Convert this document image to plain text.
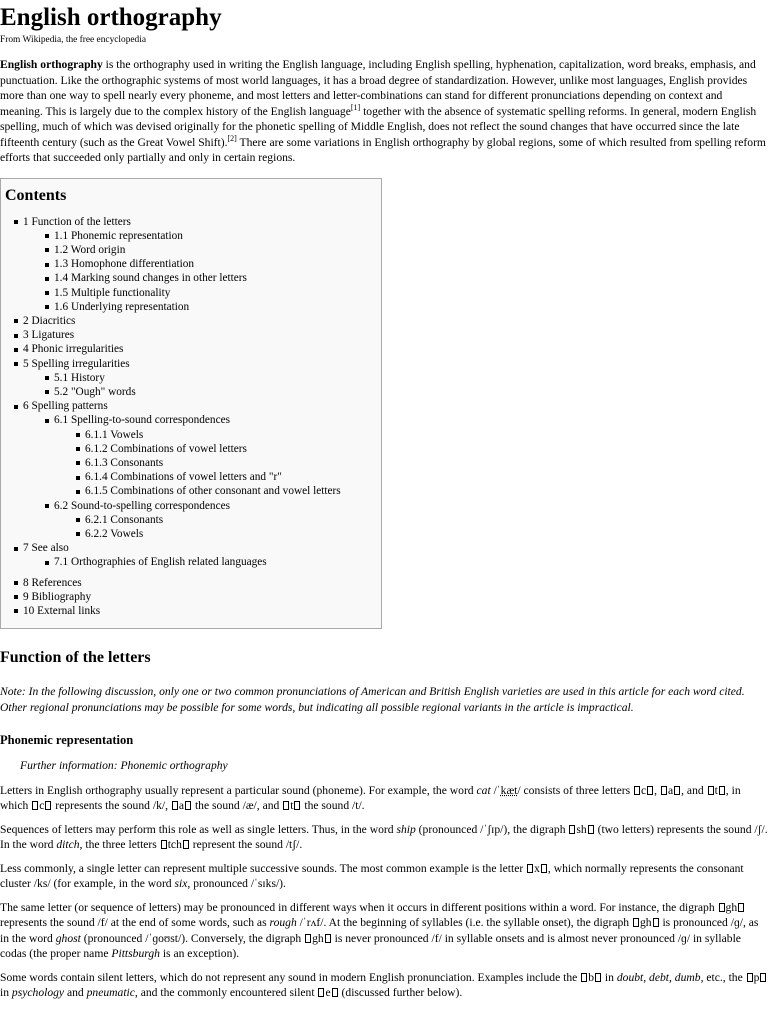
English orthography
From Wikipedia, the free encyclopedia

English orthography is the orthography used in writing the English language, including English spelling, hyphenation, capitalization, word breaks, emphasis, and punctuation. Like the orthographic systems of most world languages, it has a broad degree of standardization. However, unlike most languages, English provides more than one way to spell nearly every phoneme, and most letters and letter-combinations can stand for different pronunciations depending on context and meaning. This is largely due to the complex history of the English language[1] together with the absence of systematic spelling reforms. In general, modern English spelling, much of which was devised originally for the phonetic spelling of Middle English, does not reflect the sound changes that have occurred since the late fifteenth century (such as the Great Vowel Shift).[2] There are some variations in English orthography by global regions, some of which resulted from spelling reform efforts that succeeded only partially and only in certain regions.

Contents
1 Function of the letters
1.1 Phonemic representation
1.2 Word origin
1.3 Homophone differentiation
1.4 Marking sound changes in other letters
1.5 Multiple functionality
1.6 Underlying representation
2 Diacritics
3 Ligatures
4 Phonic irregularities
5 Spelling irregularities
5.1 History
5.2 "Ough" words
6 Spelling patterns
6.1 Spelling-to-sound correspondences
6.1.1 Vowels
6.1.2 Combinations of vowel letters
6.1.3 Consonants
6.1.4 Combinations of vowel letters and "r"
6.1.5 Combinations of other consonant and vowel letters
6.2 Sound-to-spelling correspondences
6.2.1 Consonants
6.2.2 Vowels
7 See also
7.1 Orthographies of English related languages
8 References
9 Bibliography
10 External links
Function of the letters

Note: In the following discussion, only one or two common pronunciations of American and British English varieties are used in this article for each word cited. Other regional pronunciations may be possible for some words, but indicating all possible regional variants in the article is impractical.

Phonemic representation

Further information: Phonemic orthography

Letters in English orthography usually represent a particular sound (phoneme). For example, the word cat /ˈkæt/ consists of three letters c , a , and t , in which c represents the sound /k/, a the sound /æ/, and t the sound /t/.

Sequences of letters may perform this role as well as single letters. Thus, in the word ship (pronounced /ˈʃɪp/), the digraph sh (two letters) represents the sound /ʃ/. In the word ditch, the three letters tch represent the sound /tʃ/.

Less commonly, a single letter can represent multiple successive sounds. The most common example is the letter x , which normally represents the consonant cluster /ks/ (for example, in the word six, pronounced /ˈsɪks/).

The same letter (or sequence of letters) may be pronounced in different ways when it occurs in different positions within a word. For instance, the digraph gh represents the sound /f/ at the end of some words, such as rough /ˈrʌf/. At the beginning of syllables (i.e. the syllable onset), the digraph gh is pronounced /ɡ/, as in the word ghost (pronounced /ˈɡoʊst/). Conversely, the digraph gh is never pronounced /f/ in syllable onsets and is almost never pronounced /ɡ/ in syllable codas (the proper name Pittsburgh is an exception).

Some words contain silent letters, which do not represent any sound in modern English pronunciation. Examples include the b in doubt, debt, dumb, etc., the p in psychology and pneumatic, and the commonly encountered silent e (discussed further below).
